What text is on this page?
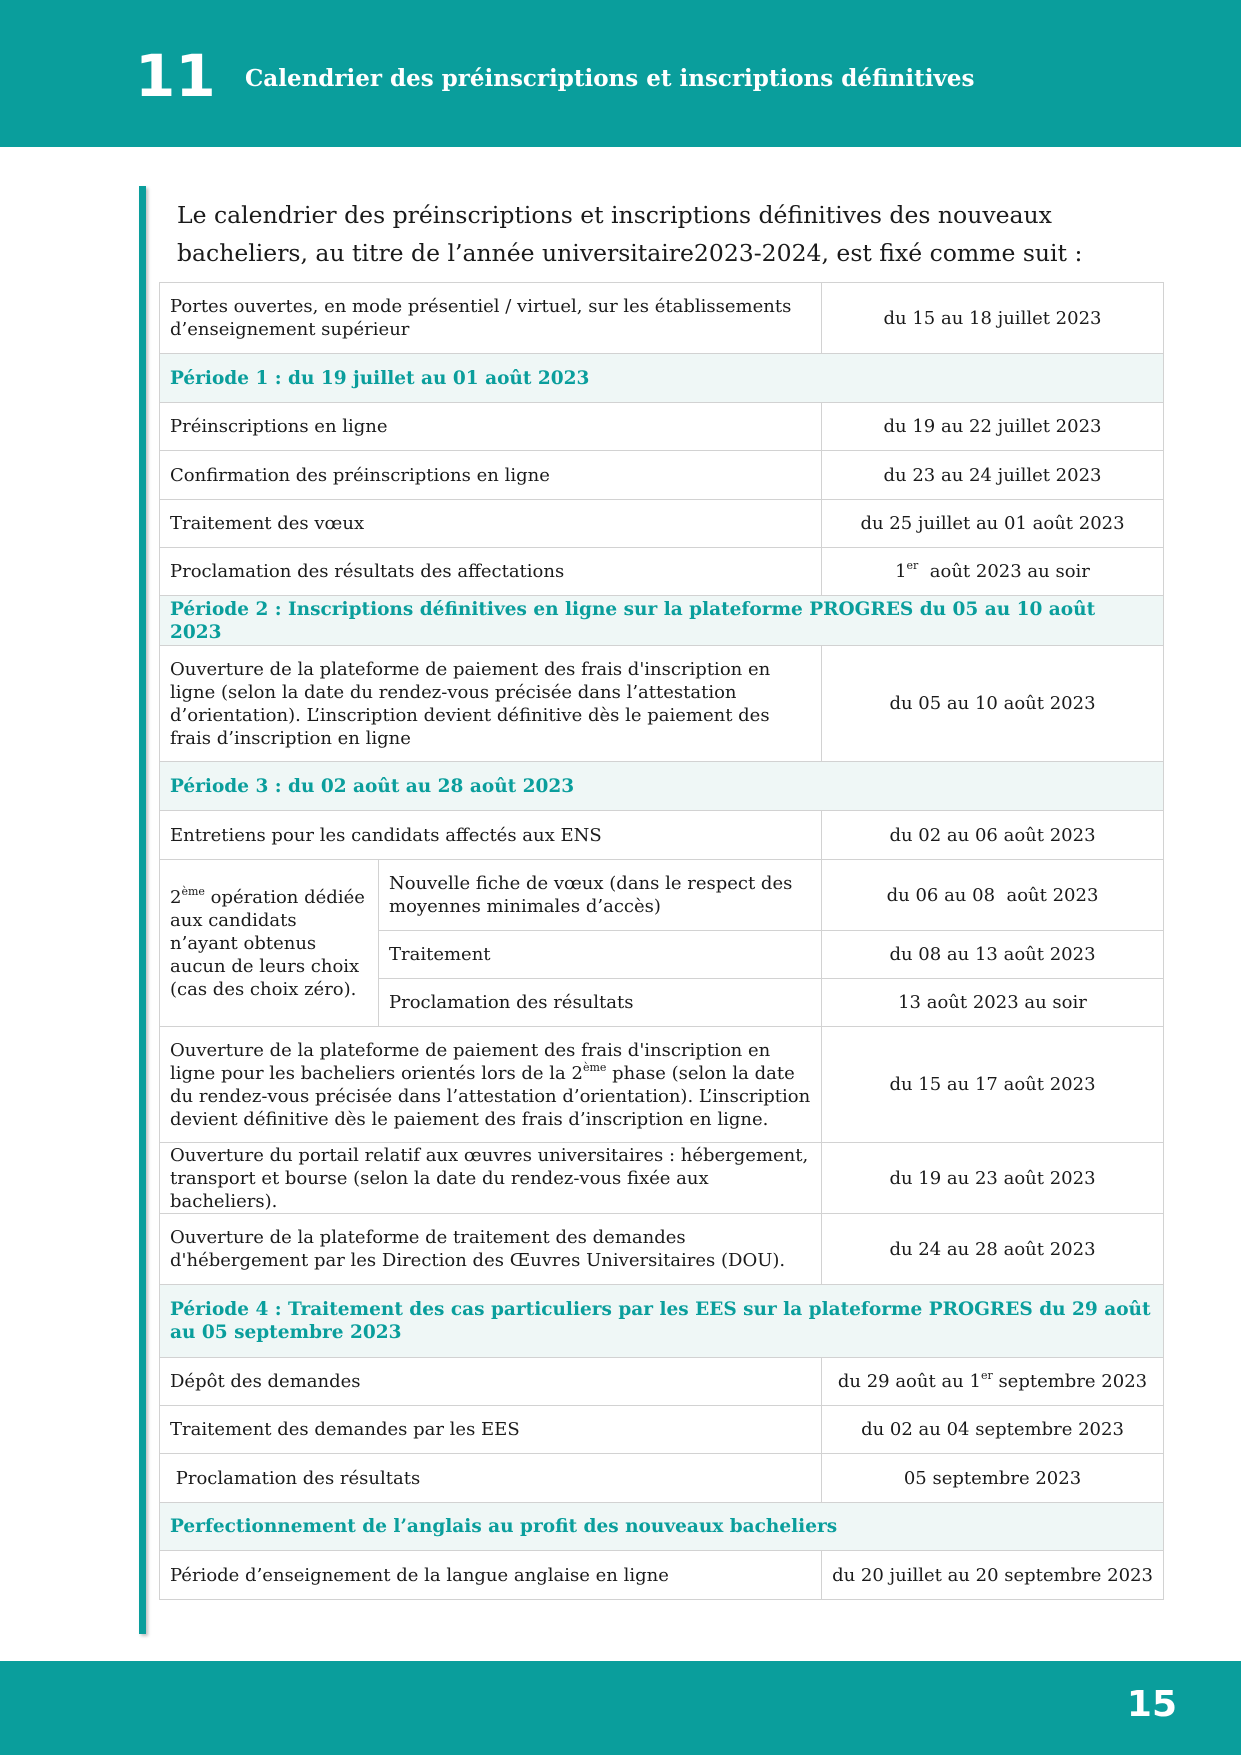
11 Calendrier des préinscriptions et inscriptions définitives
Le calendrier des préinscriptions et inscriptions définitives des nouveaux bacheliers, au titre de l’année universitaire2023-2024, est fixé comme suit :
Portes ouvertes, en mode présentiel / virtuel, sur les établissements d’enseignement supérieur		du 15 au 18 juillet 2023
Période 1 : du 19 juillet au 01 août 2023		
Préinscriptions en ligne		du 19 au 22 juillet 2023
Confirmation des préinscriptions en ligne		du 23 au 24 juillet 2023
Traitement des vœux		du 25 juillet au 01 août 2023
Proclamation des résultats des affectations		1er  août 2023 au soir
Période 2 : Inscriptions définitives en ligne sur la plateforme PROGRES du 05 au 10 août 2023		
Ouverture de la plateforme de paiement des frais d'inscription en ligne (selon la date du rendez-vous précisée dans l’attestation d’orientation). L’inscription devient définitive dès le paiement des frais d’inscription en ligne		du 05 au 10 août 2023
Période 3 : du 02 août au 28 août 2023		
Entretiens pour les candidats affectés aux ENS		du 02 au 06 août 2023
2ème opération dédiée aux candidats n’ayant obtenus aucun de leurs choix (cas des choix zéro).	Nouvelle fiche de vœux (dans le respect des moyennes minimales d’accès)	du 06 au 08  août 2023
	Traitement	du 08 au 13 août 2023
	Proclamation des résultats	13 août 2023 au soir
Ouverture de la plateforme de paiement des frais d'inscription en ligne pour les bacheliers orientés lors de la 2ème phase (selon la date du rendez-vous précisée dans l’attestation d’orientation). L’inscription devient définitive dès le paiement des frais d’inscription en ligne.		du 15 au 17 août 2023
Ouverture du portail relatif aux œuvres universitaires : hébergement, transport et bourse (selon la date du rendez-vous fixée aux bacheliers).		du 19 au 23 août 2023
Ouverture de la plateforme de traitement des demandes d'hébergement par les Direction des Œuvres Universitaires (DOU).		du 24 au 28 août 2023
Période 4 : Traitement des cas particuliers par les EES sur la plateforme PROGRES du 29 août au 05 septembre 2023		
Dépôt des demandes		du 29 août au 1er septembre 2023
Traitement des demandes par les EES		du 02 au 04 septembre 2023
Proclamation des résultats		05 septembre 2023
Perfectionnement de l’anglais au profit des nouveaux bacheliers		
Période d’enseignement de la langue anglaise en ligne		du 20 juillet au 20 septembre 2023
15
